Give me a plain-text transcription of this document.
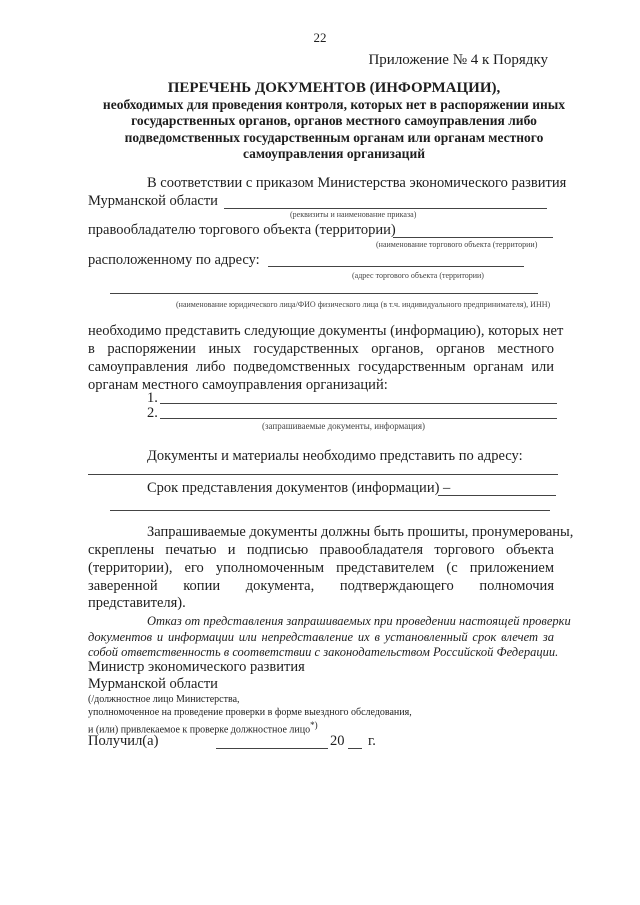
22
Приложение № 4 к Порядку
ПЕРЕЧЕНЬ ДОКУМЕНТОВ (ИНФОРМАЦИИ),
необходимых для проведения контроля, которых нет в распоряжении иных государственных органов, органов местного самоуправления либо подведомственных государственным органам или органам местного самоуправления организаций
В соответствии с приказом Министерства экономического развития
Мурманской области
(реквизиты и наименование приказа)
правообладателю торгового объекта (территории)
(наименование торгового объекта (территории)
расположенному по адресу:
(адрес торгового объекта (территории)
(наименование юридического лица/ФИО физического лица (в т.ч. индивидуального предпринимателя), ИНН)
необходимо представить следующие документы (информацию), которых нет
в распоряжении иных государственных органов, органов местного
самоуправления либо подведомственных государственным органам или
органам местного самоуправления организаций:
1.
2.
(запрашиваемые документы, информация)
Документы и материалы необходимо представить по адресу:
Срок представления документов (информации) –
Запрашиваемые документы должны быть прошиты, пронумерованы,
скреплены печатью и подписью правообладателя торгового объекта
(территории), его уполномоченным представителем (с приложением
заверенной копии документа, подтверждающего полномочия
представителя).
Отказ от представления запрашиваемых при проведении настоящей проверки
документов и информации или непредставление их в установленный срок влечет за
собой ответственность в соответствии с законодательством Российской Федерации.
Министр экономического развития
Мурманской области
(/должностное лицо Министерства,
уполномоченное на проведение проверки в форме выездного обследования,
и (или) привлекаемое к проверке должностное лицо*)
Получил(а)	20 г.
